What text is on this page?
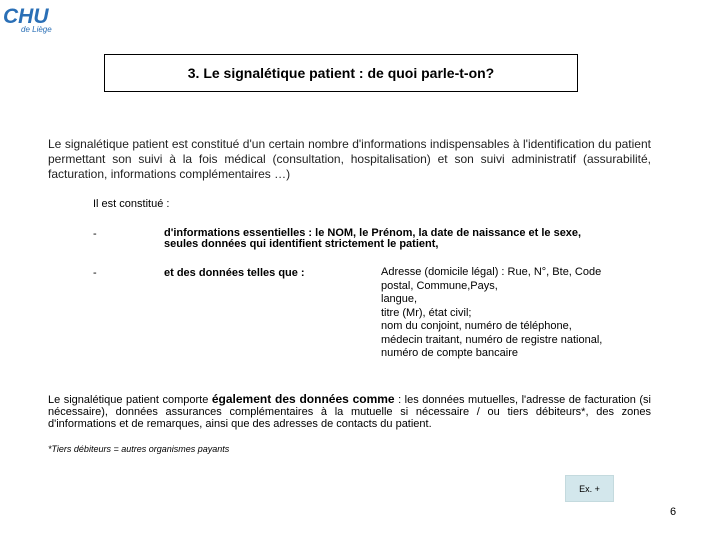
CHU
de Liège
3. Le signalétique patient : de quoi parle-t-on?
Le signalétique patient est constitué d'un certain nombre d'informations indispensables à l'identification du patient permettant son suivi à la fois médical (consultation, hospitalisation) et son suivi administratif (assurabilité, facturation, informations complémentaires …)
Il est constitué :
-	d'informations essentielles : le NOM, le Prénom, la date de naissance et le sexe,
seules données qui identifient strictement le patient,
-	et des données telles que :	Adresse (domicile légal) : Rue, N°, Bte, Code
postal, Commune,Pays,
langue,
titre (Mr), état civil;
nom du conjoint, numéro de téléphone,
médecin traitant, numéro de registre national,
numéro de compte bancaire
Le signalétique patient comporte également des données comme : les données mutuelles, l'adresse de facturation (si nécessaire), données assurances complémentaires à la mutuelle si nécessaire / ou tiers débiteurs*, des zones d'informations et de remarques, ainsi que des adresses de contacts du patient.
*Tiers débiteurs = autres organismes payants
Ex. +
6
